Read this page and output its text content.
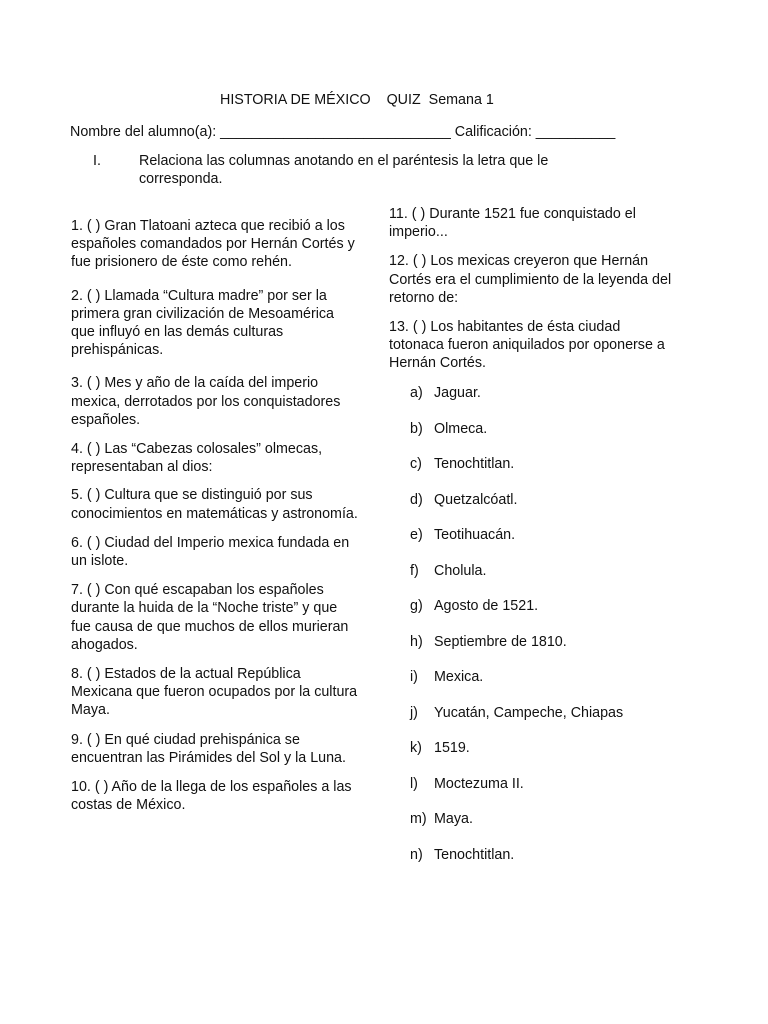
HISTORIA DE MÉXICO    QUIZ  Semana 1
Nombre del alumno(a): _____________________________ Calificación: __________
I.	Relaciona las columnas anotando en el paréntesis la letra que le corresponda.

1. ( ) Gran Tlatoani azteca que recibió a los españoles comandados por Hernán Cortés y fue prisionero de éste como rehén.

2. ( ) Llamada “Cultura madre” por ser la primera gran civilización de Mesoamérica que influyó en las demás culturas prehispánicas.

3. ( ) Mes y año de la caída del imperio mexica, derrotados por los conquistadores españoles.

4. ( ) Las “Cabezas colosales” olmecas, representaban al dios:

5. ( ) Cultura que se distinguió por sus conocimientos en matemáticas y astronomía.

6. ( ) Ciudad del Imperio mexica fundada en un islote.

7. ( ) Con qué escapaban los españoles durante la huida de la “Noche triste” y que fue causa de que muchos de ellos murieran ahogados.

8. ( ) Estados de la actual República Mexicana que fueron ocupados por la cultura Maya.

9. ( ) En qué ciudad prehispánica se encuentran las Pirámides del Sol y la Luna.

10. ( ) Año de la llega de los españoles a las costas de México.

11. ( ) Durante 1521 fue conquistado el imperio...

12. ( ) Los mexicas creyeron que Hernán Cortés era el cumplimiento de la leyenda del retorno de:

13. ( ) Los habitantes de ésta ciudad totonaca fueron aniquilados por oponerse a Hernán Cortés.

a) Jaguar.
b) Olmeca.
c) Tenochtitlan.
d) Quetzalcóatl.
e) Teotihuacán.
f) Cholula.
g) Agosto de 1521.
h) Septiembre de 1810.
i) Mexica.
j) Yucatán, Campeche, Chiapas
k) 1519.
l) Moctezuma II.
m) Maya.
n) Tenochtitlan.
